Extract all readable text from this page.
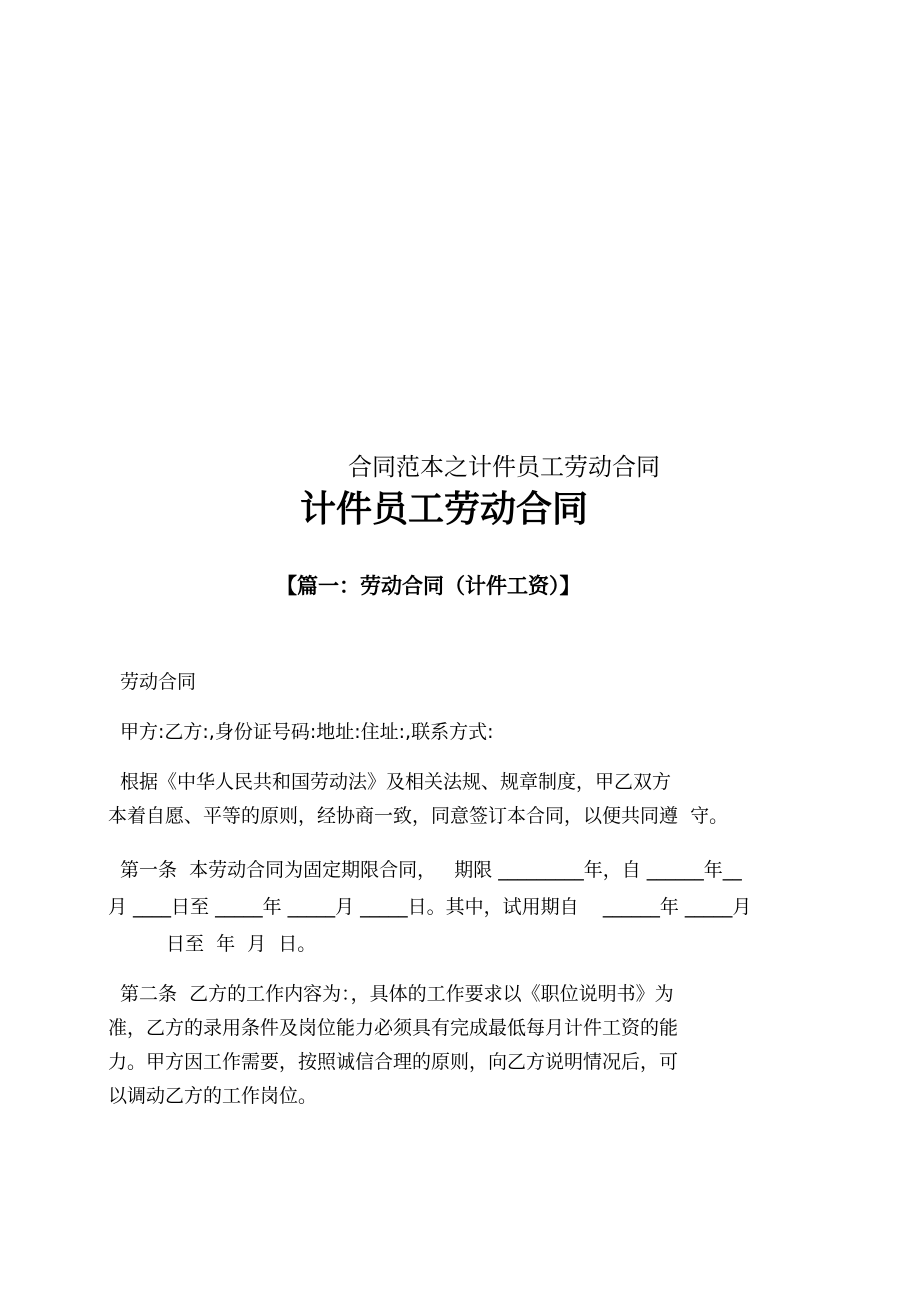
合同范本之计件员工劳动合同
计件员工劳动合同
【篇一：劳动合同（计件工资）】
劳动合同
甲方:乙方:,身份证号码:地址:住址:,联系方式:
根据《中华人民共和国劳动法》及相关法规、规章制度，甲乙双方
本着自愿、平等的原则，经协商一致，同意签订本合同，以便共同遵  守。
第一条  本劳动合同为固定期限合同，   期限 _________年，自 ______年__
月 ____日至 _____年 _____月 _____日。其中，试用期自    ______年 _____月
日至  年  月  日。
第二条  乙方的工作内容为：，具体的工作要求以《职位说明书》为
准，乙方的录用条件及岗位能力必须具有完成最低每月计件工资的能
力。甲方因工作需要，按照诚信合理的原则，向乙方说明情况后，可
以调动乙方的工作岗位。
